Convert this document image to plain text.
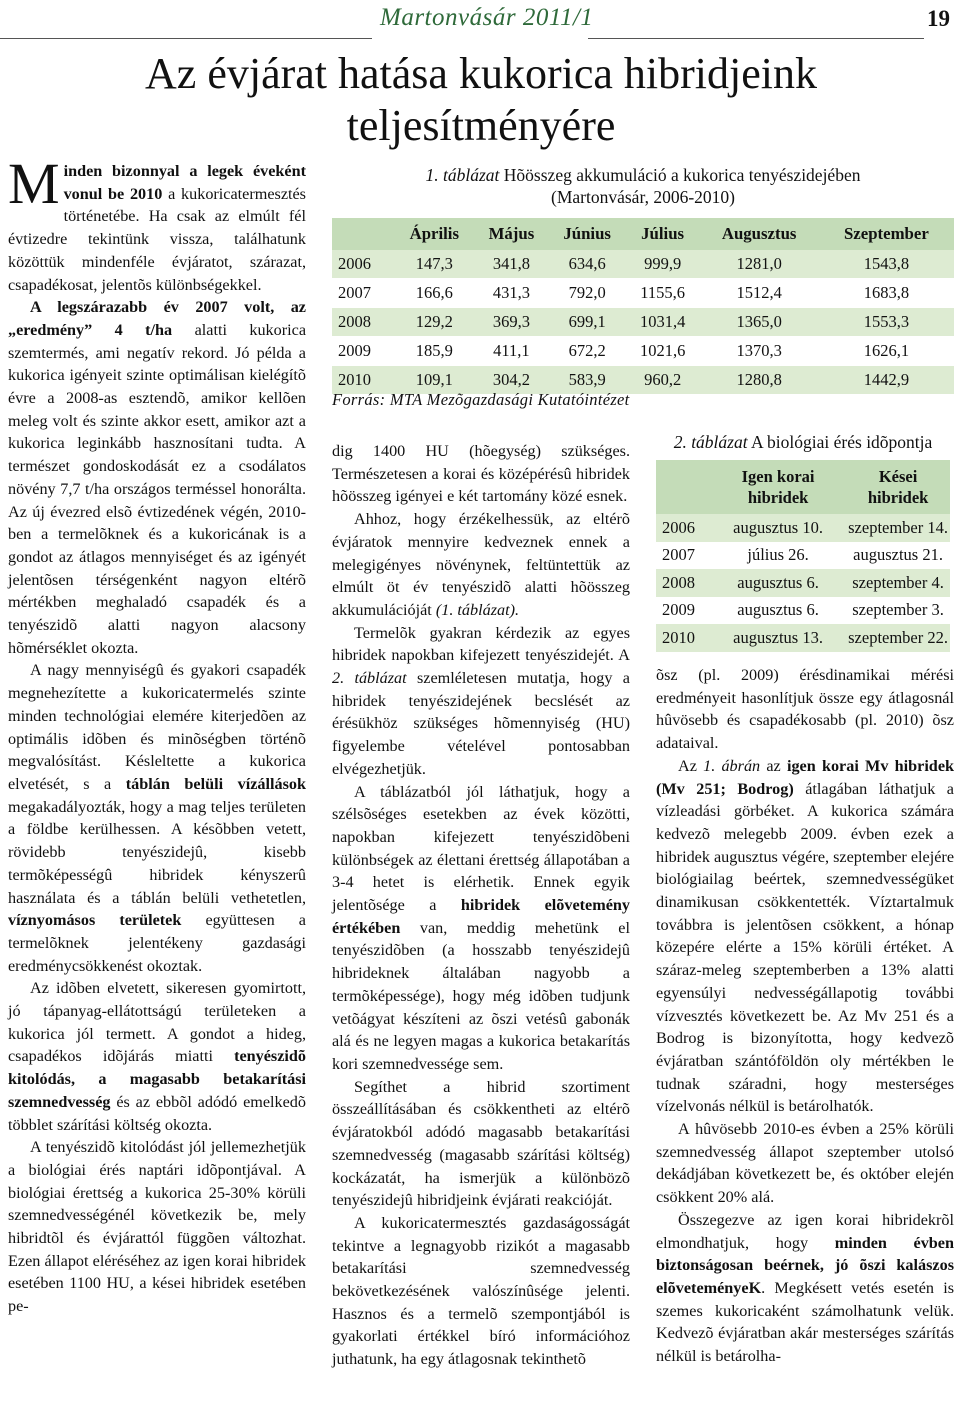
Martonvásár 2011/1	19
Az évjárat hatása kukorica hibridjeink
teljesítményére

Minden bizonnyal a legek éveként vonul be 2010 a kukoricatermesztés történetébe. Ha csak az elmúlt fél évtizedre tekintünk vissza, találhatunk közöttük mindenféle évjáratot, szárazat, csapadékosat, jelentõs különbségekkel.

A legszárazabb év 2007 volt, az „eredmény” 4 t/ha alatti kukorica szemtermés, ami negatív rekord. Jó példa a kukorica igényeit szinte optimálisan kielégítõ évre a 2008-as esztendõ, amikor kellõen meleg volt és szinte akkor esett, amikor azt a kukorica leginkább hasznosítani tudta. A természet gondoskodását ez a csodálatos növény 7,7 t/ha országos terméssel honorálta. Az új évezred elsõ évtizedének végén, 2010-ben a termelõknek és a kukoricának is a gondot az átlagos mennyiséget és az igényét jelentõsen térségenként nagyon eltérõ mértékben meghaladó csapadék és a tenyészidõ alatti nagyon alacsony hõmérséklet okozta.

A nagy mennyiségû és gyakori csapadék megnehezítette a kukoricatermelés szinte minden technológiai elemére kiterjedõen az optimális idõben és minõségben történõ megvalósítást. Késleltette a kukorica elvetését, s a táblán belüli vízállások megakadályozták, hogy a mag teljes területen a földbe kerülhessen. A késõbben vetett, rövidebb tenyészidejû, kisebb termõképességû hibridek kényszerû használata és a táblán belüli vethetetlen, víznyomásos területek együttesen a termelõknek jelentékeny gazdasági eredménycsökkenést okoztak.

Az idõben elvetett, sikeresen gyomirtott, jó tápanyag-ellátottságú területeken a kukorica jól termett. A gondot a hideg, csapadékos idõjárás miatti tenyészidõ kitolódás, a magasabb betakarítási szemnedvesség és az ebbõl adódó emelkedõ többlet szárítási költség okozta.

A tenyészidõ kitolódást jól jellemezhetjük a biológiai érés naptári idõpontjával. A biológiai érettség a kukorica 25-30% körüli szemnedvességénél következik be, mely hibridtõl és évjárattól függõen változhat. Ezen állapot eléréséhez az igen korai hibridek esetében 1100 HU, a kései hibridek esetében pe-

1. táblázat Hõösszeg akkumuláció a kukorica tenyészidejében
(Martonvásár, 2006-2010)
	Április	Május	Június	Július	Augusztus	Szeptember
2006	147,3	341,8	634,6	999,9	1281,0	1543,8
2007	166,6	431,3	792,0	1155,6	1512,4	1683,8
2008	129,2	369,3	699,1	1031,4	1365,0	1553,3
2009	185,9	411,1	672,2	1021,6	1370,3	1626,1
2010	109,1	304,2	583,9	960,2	1280,8	1442,9
Forrás: MTA Mezõgazdasági Kutatóintézet

dig 1400 HU (hõegység) szükséges. Természetesen a korai és középérésû hibridek hõösszeg igényei e két tartomány közé esnek.

Ahhoz, hogy érzékelhessük, az eltérõ évjáratok mennyire kedveznek ennek a melegigényes növénynek, feltüntettük az elmúlt öt év tenyészidõ alatti hõösszeg akkumulációját (1. táblázat).

Termelõk gyakran kérdezik az egyes hibridek napokban kifejezett tenyészidejét. A 2. táblázat szemléletesen mutatja, hogy a hibridek tenyészidejének becslését az érésükhöz szükséges hõmennyiség (HU) figyelembe vételével pontosabban elvégezhetjük.

A táblázatból jól láthatjuk, hogy a szélsõséges esetekben az évek közötti, napokban kifejezett tenyészidõbeni különbségek az élettani érettség állapotában a 3-4 hetet is elérhetik. Ennek egyik jelentõsége a hibridek elõvetemény értékében van, meddig mehetünk el tenyészidõben (a hosszabb tenyészidejû hibrideknek általában nagyobb a termõképessége), hogy még idõben tudjunk vetõágyat készíteni az õszi vetésû gabonák alá és ne legyen magas a kukorica betakarítás kori szemnedvessége sem.

Segíthet a hibrid szortiment összeállításában és csökkentheti az eltérõ évjáratokból adódó magasabb betakarítási szemnedvesség (magasabb szárítási költség) kockázatát, ha ismerjük a különbözõ tenyészidejû hibridjeink évjárati reakcióját.

A kukoricatermesztés gazdaságosságát tekintve a legnagyobb rizikót a magasabb betakarítási szemnedvesség bekövetkezésének valószínûsége jelenti. Hasznos és a termelõ szempontjából is gyakorlati értékkel bíró információhoz juthatunk, ha egy átlagosnak tekinthetõ

2. táblázat A biológiai érés idõpontja
	Igen korai hibridek	Kései hibridek
2006	augusztus 10.	szeptember 14.
2007	július 26.	augusztus 21.
2008	augusztus 6.	szeptember 4.
2009	augusztus 6.	szeptember 3.
2010	augusztus 13.	szeptember 22.

õsz (pl. 2009) érésdinamikai mérési eredményeit hasonlítjuk össze egy átlagosnál hûvösebb és csapadékosabb (pl. 2010) õsz adataival.

Az 1. ábrán az igen korai Mv hibridek (Mv 251; Bodrog) átlagában láthatjuk a vízleadási görbéket. A kukorica számára kedvezõ melegebb 2009. évben ezek a hibridek augusztus végére, szeptember elejére biológiailag beértek, szemnedvességüket dinamikusan csökkentették. Víztartalmuk továbbra is jelentõsen csökkent, a hónap közepére elérte a 15% körüli értéket. A száraz-meleg szeptemberben a 13% alatti egyensúlyi nedvességállapotig további vízvesztés következett be. Az Mv 251 és a Bodrog is bizonyította, hogy kedvezõ évjáratban szántóföldön oly mértékben le tudnak száradni, hogy mesterséges vízelvonás nélkül is betárolhatók.

A hûvösebb 2010-es évben a 25% körüli szemnedvesség állapot szeptember utolsó dekádjában következett be, és október elején csökkent 20% alá.

Összegezve az igen korai hibridekrõl elmondhatjuk, hogy minden évben biztonságosan beérnek, jó õszi kalászos elõveteményeK. Megkésett vetés esetén is szemes kukoricaként számolhatunk velük. Kedvezõ évjáratban akár mesterséges szárítás nélkül is betárolha-
